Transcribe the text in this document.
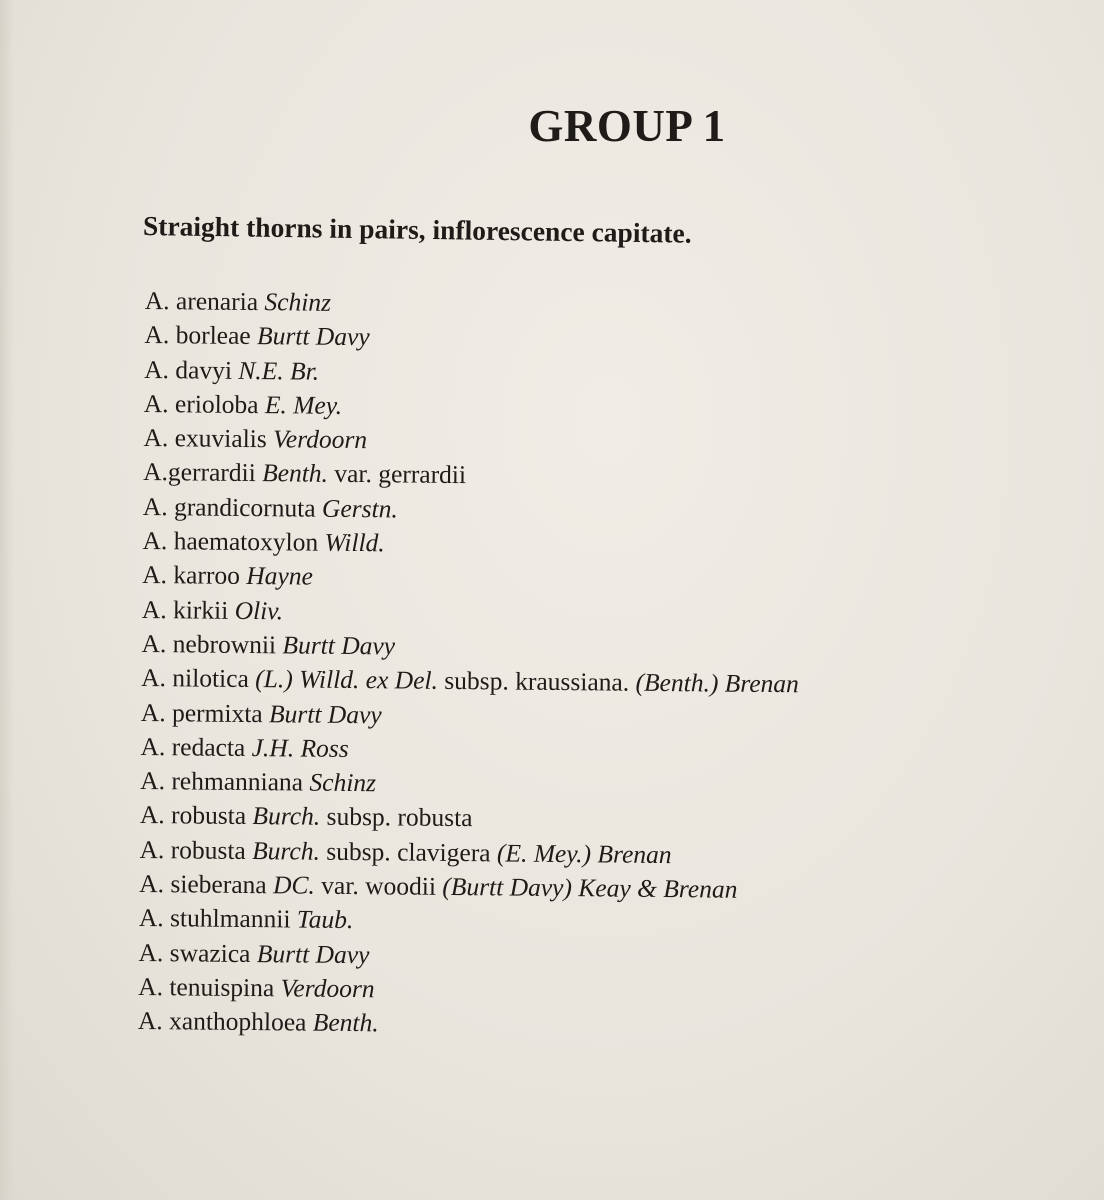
GROUP 1

Straight thorns in pairs, inflorescence capitate.

A. arenaria Schinz
A. borleae Burtt Davy
A. davyi N.E. Br.
A. erioloba E. Mey.
A. exuvialis Verdoorn
A.gerrardii Benth. var. gerrardii
A. grandicornuta Gerstn.
A. haematoxylon Willd.
A. karroo Hayne
A. kirkii Oliv.
A. nebrownii Burtt Davy
A. nilotica (L.) Willd. ex Del. subsp. kraussiana. (Benth.) Brenan
A. permixta Burtt Davy
A. redacta J.H. Ross
A. rehmanniana Schinz
A. robusta Burch. subsp. robusta
A. robusta Burch. subsp. clavigera (E. Mey.) Brenan
A. sieberana DC. var. woodii (Burtt Davy) Keay & Brenan
A. stuhlmannii Taub.
A. swazica Burtt Davy
A. tenuispina Verdoorn
A. xanthophloea Benth.
